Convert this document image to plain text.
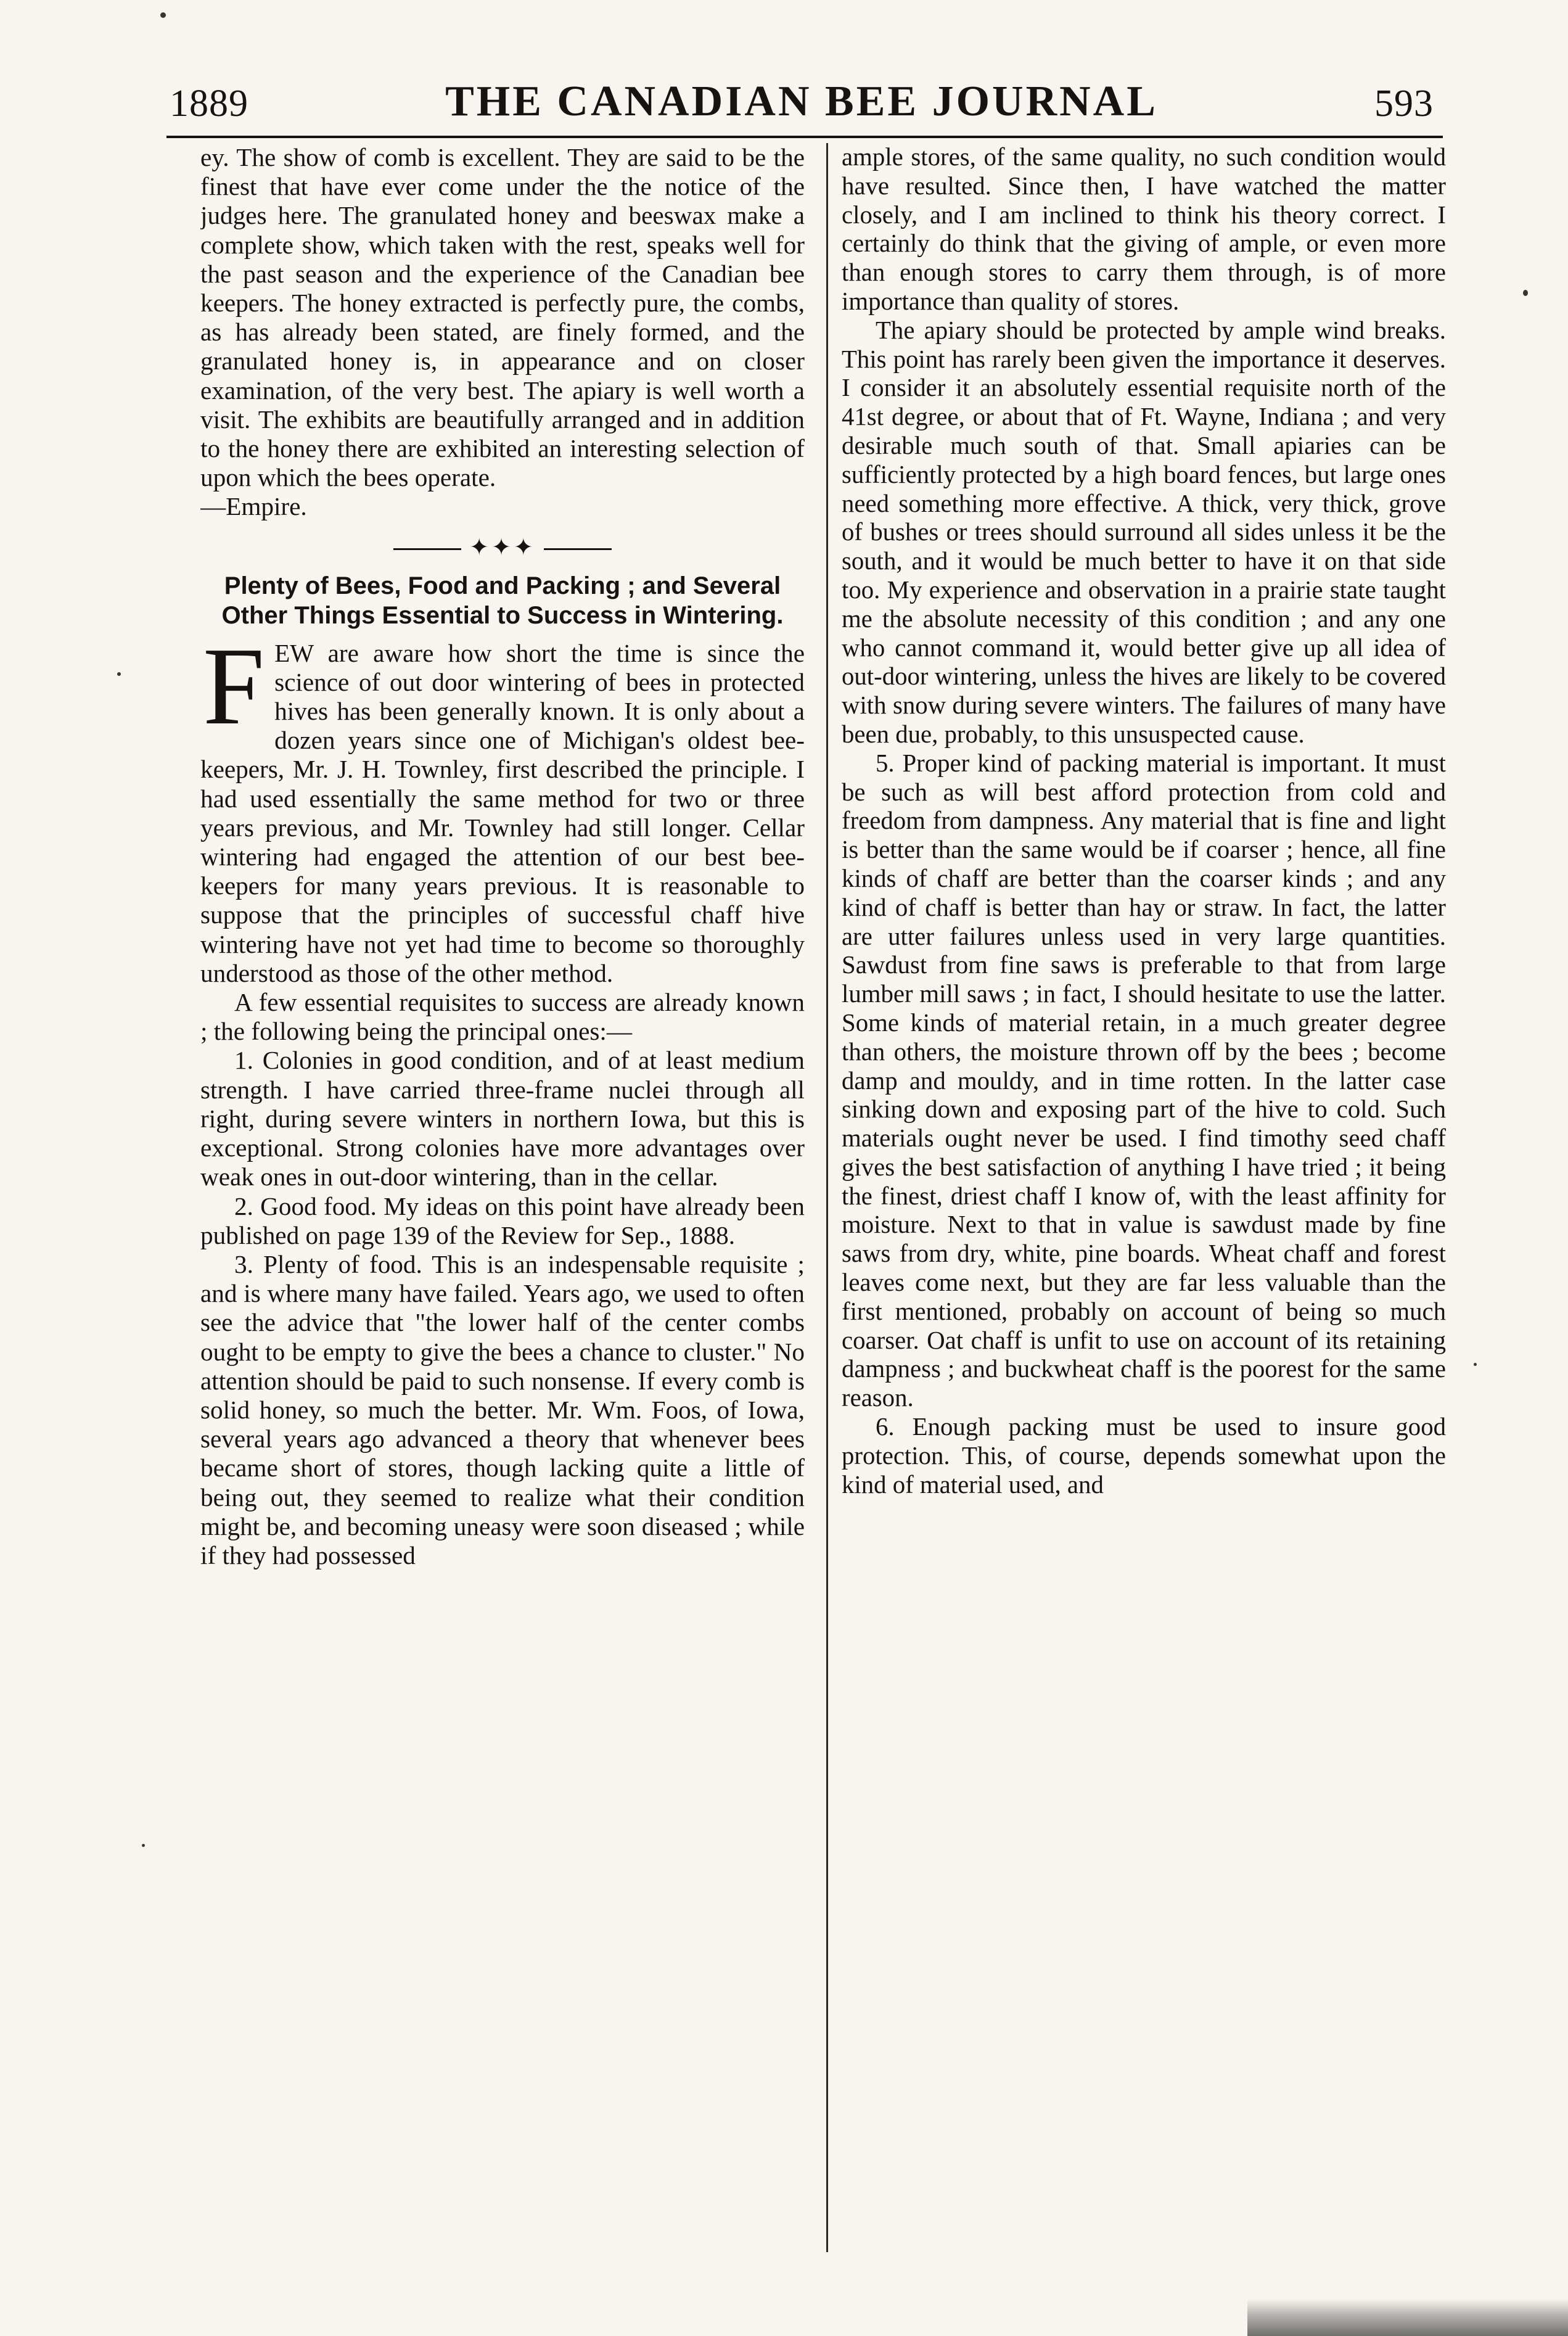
1889	THE CANADIAN BEE JOURNAL	593

ey. The show of comb is excellent. They are said to be the finest that have ever come under the the notice of the judges here. The granulated honey and beeswax make a complete show, which taken with the rest, speaks well for the past season and the experience of the Canadian bee keepers. The honey extracted is perfectly pure, the combs, as has already been stated, are finely formed, and the granulated honey is, in appearance and on closer examination, of the very best. The apiary is well worth a visit. The exhibits are beautifully arranged and in addition to the honey there are exhibited an interesting selection of upon which the bees operate.

—Empire.

✦✦✦
Plenty of Bees, Food and Packing ; and Several Other Things Essential to Success in Wintering.

F EW are aware how short the time is since the science of out door wintering of bees in protected hives has been generally known. It is only about a dozen years since one of Michigan's oldest bee-keepers, Mr. J. H. Townley, first described the principle. I had used essentially the same method for two or three years previous, and Mr. Townley had still longer. Cellar wintering had engaged the attention of our best bee-keepers for many years previous. It is reasonable to suppose that the principles of successful chaff hive wintering have not yet had time to become so thoroughly understood as those of the other method.

A few essential requisites to success are already known ; the following being the principal ones:—

1. Colonies in good condition, and of at least medium strength. I have carried three-frame nuclei through all right, during severe winters in northern Iowa, but this is exceptional. Strong colonies have more advantages over weak ones in out-door wintering, than in the cellar.

2. Good food. My ideas on this point have already been published on page 139 of the Review for Sep., 1888.

3. Plenty of food. This is an indespensable requisite ; and is where many have failed. Years ago, we used to often see the advice that "the lower half of the center combs ought to be empty to give the bees a chance to cluster." No attention should be paid to such nonsense. If every comb is solid honey, so much the better. Mr. Wm. Foos, of Iowa, several years ago advanced a theory that whenever bees became short of stores, though lacking quite a little of being out, they seemed to realize what their condition might be, and becoming uneasy were soon diseased ; while if they had possessed

ample stores, of the same quality, no such condition would have resulted. Since then, I have watched the matter closely, and I am inclined to think his theory correct. I certainly do think that the giving of ample, or even more than enough stores to carry them through, is of more importance than quality of stores.

The apiary should be protected by ample wind breaks. This point has rarely been given the importance it deserves. I consider it an absolutely essential requisite north of the 41st degree, or about that of Ft. Wayne, Indiana ; and very desirable much south of that. Small apiaries can be sufficiently protected by a high board fences, but large ones need something more effective. A thick, very thick, grove of bushes or trees should surround all sides unless it be the south, and it would be much better to have it on that side too. My experience and observation in a prairie state taught me the absolute necessity of this condition ; and any one who cannot command it, would better give up all idea of out-door wintering, unless the hives are likely to be covered with snow during severe winters. The failures of many have been due, probably, to this unsuspected cause.

5. Proper kind of packing material is important. It must be such as will best afford protection from cold and freedom from dampness. Any material that is fine and light is better than the same would be if coarser ; hence, all fine kinds of chaff are better than the coarser kinds ; and any kind of chaff is better than hay or straw. In fact, the latter are utter failures unless used in very large quantities. Sawdust from fine saws is preferable to that from large lumber mill saws ; in fact, I should hesitate to use the latter. Some kinds of material retain, in a much greater degree than others, the moisture thrown off by the bees ; become damp and mouldy, and in time rotten. In the latter case sinking down and exposing part of the hive to cold. Such materials ought never be used. I find timothy seed chaff gives the best satisfaction of anything I have tried ; it being the finest, driest chaff I know of, with the least affinity for moisture. Next to that in value is sawdust made by fine saws from dry, white, pine boards. Wheat chaff and forest leaves come next, but they are far less valuable than the first mentioned, probably on account of being so much coarser. Oat chaff is unfit to use on account of its retaining dampness ; and buckwheat chaff is the poorest for the same reason.

6. Enough packing must be used to insure good protection. This, of course, depends somewhat upon the kind of material used, and
